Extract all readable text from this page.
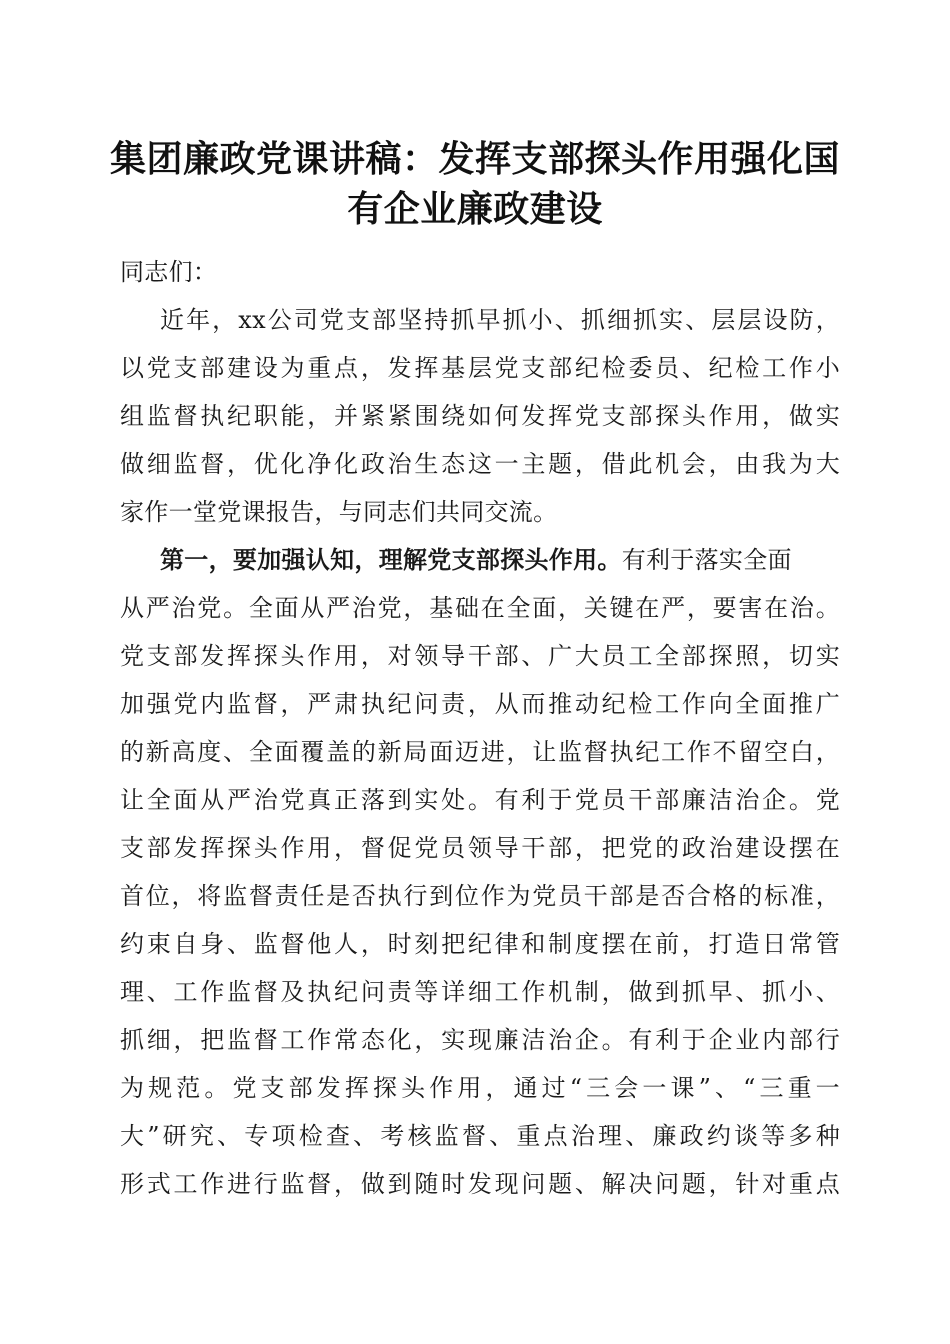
集团廉政党课讲稿：发挥支部探头作用强化国
有企业廉政建设
同志们：
近年，xx公司党支部坚持抓早抓小、抓细抓实、层层设防，
以党支部建设为重点，发挥基层党支部纪检委员、纪检工作小
组监督执纪职能，并紧紧围绕如何发挥党支部探头作用，做实
做细监督，优化净化政治生态这一主题，借此机会，由我为大
家作一堂党课报告，与同志们共同交流。
第一，要加强认知，理解党支部探头作用。有利于落实全面
从严治党。全面从严治党，基础在全面，关键在严，要害在治。
党支部发挥探头作用，对领导干部、广大员工全部探照，切实
加强党内监督，严肃执纪问责，从而推动纪检工作向全面推广
的新高度、全面覆盖的新局面迈进，让监督执纪工作不留空白，
让全面从严治党真正落到实处。有利于党员干部廉洁治企。党
支部发挥探头作用，督促党员领导干部，把党的政治建设摆在
首位，将监督责任是否执行到位作为党员干部是否合格的标准，
约束自身、监督他人，时刻把纪律和制度摆在前，打造日常管
理、工作监督及执纪问责等详细工作机制，做到抓早、抓小、
抓细，把监督工作常态化，实现廉洁治企。有利于企业内部行
为规范。党支部发挥探头作用，通过“三会一课”、“三重一
大”研究、专项检查、考核监督、重点治理、廉政约谈等多种
形式工作进行监督，做到随时发现问题、解决问题，针对重点
